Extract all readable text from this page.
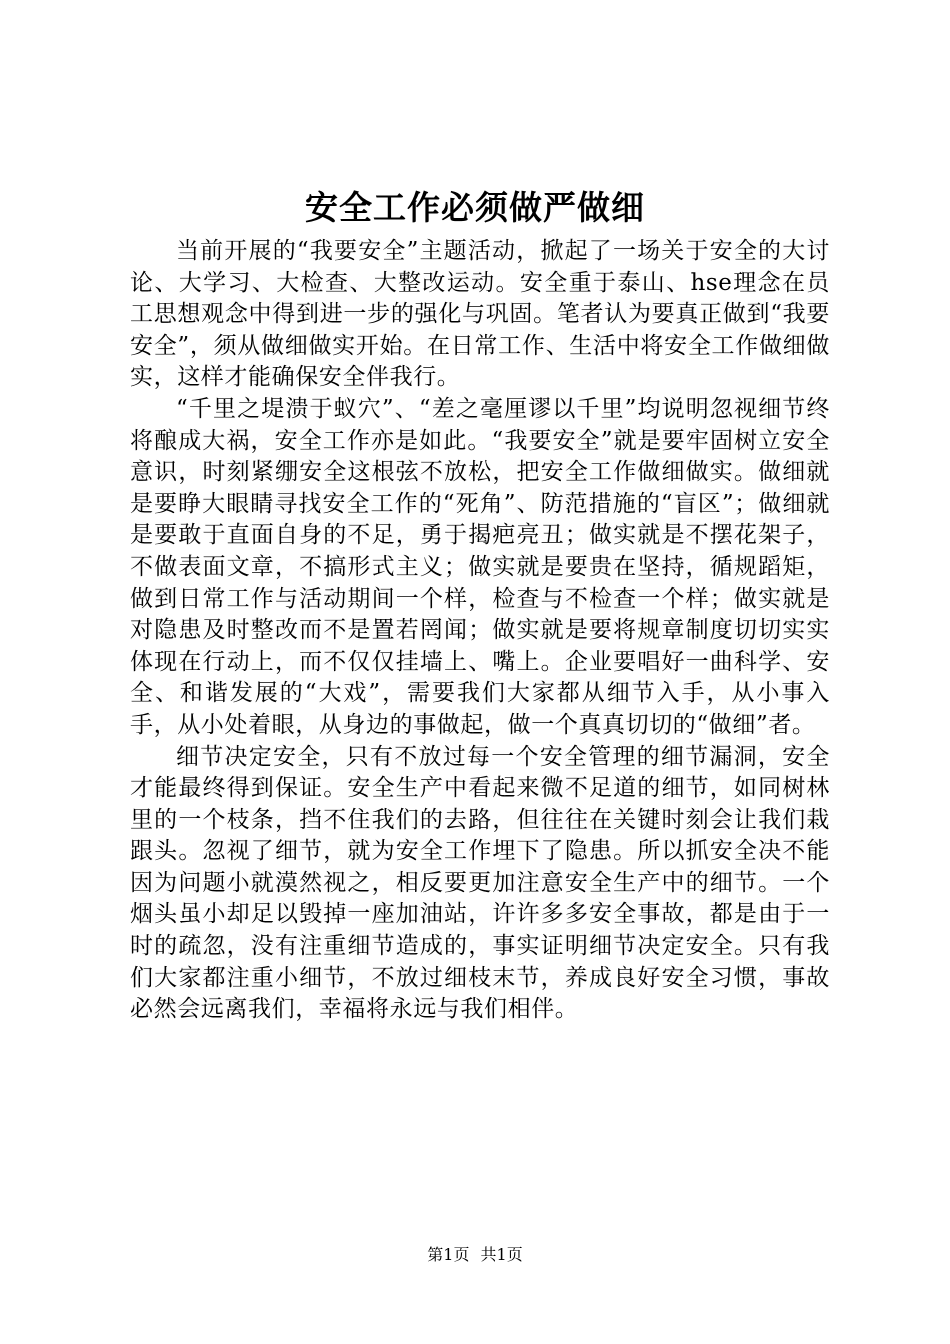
安全工作必须做严做细

当前开展的“我要安全”主题活动，掀起了一场关于安全的大讨论、大学习、大检查、大整改运动。安全重于泰山、hse理念在员工思想观念中得到进一步的强化与巩固。笔者认为要真正做到“我要安全”，须从做细做实开始。在日常工作、生活中将安全工作做细做实，这样才能确保安全伴我行。

“千里之堤溃于蚁穴”、“差之毫厘谬以千里”均说明忽视细节终将酿成大祸，安全工作亦是如此。“我要安全”就是要牢固树立安全意识，时刻紧绷安全这根弦不放松，把安全工作做细做实。做细就是要睁大眼睛寻找安全工作的“死角”、防范措施的“盲区”；做细就是要敢于直面自身的不足，勇于揭疤亮丑；做实就是不摆花架子，不做表面文章，不搞形式主义；做实就是要贵在坚持，循规蹈矩，做到日常工作与活动期间一个样，检查与不检查一个样；做实就是对隐患及时整改而不是置若罔闻；做实就是要将规章制度切切实实体现在行动上，而不仅仅挂墙上、嘴上。企业要唱好一曲科学、安全、和谐发展的“大戏”，需要我们大家都从细节入手，从小事入手，从小处着眼，从身边的事做起，做一个真真切切的“做细”者。

细节决定安全，只有不放过每一个安全管理的细节漏洞，安全才能最终得到保证。安全生产中看起来微不足道的细节，如同树林里的一个枝条，挡不住我们的去路，但往往在关键时刻会让我们栽跟头。忽视了细节，就为安全工作埋下了隐患。所以抓安全决不能因为问题小就漠然视之，相反要更加注意安全生产中的细节。一个烟头虽小却足以毁掉一座加油站，许许多多安全事故，都是由于一时的疏忽，没有注重细节造成的，事实证明细节决定安全。只有我们大家都注重小细节，不放过细枝末节，养成良好安全习惯，事故必然会远离我们，幸福将永远与我们相伴。

第1页 共1页
